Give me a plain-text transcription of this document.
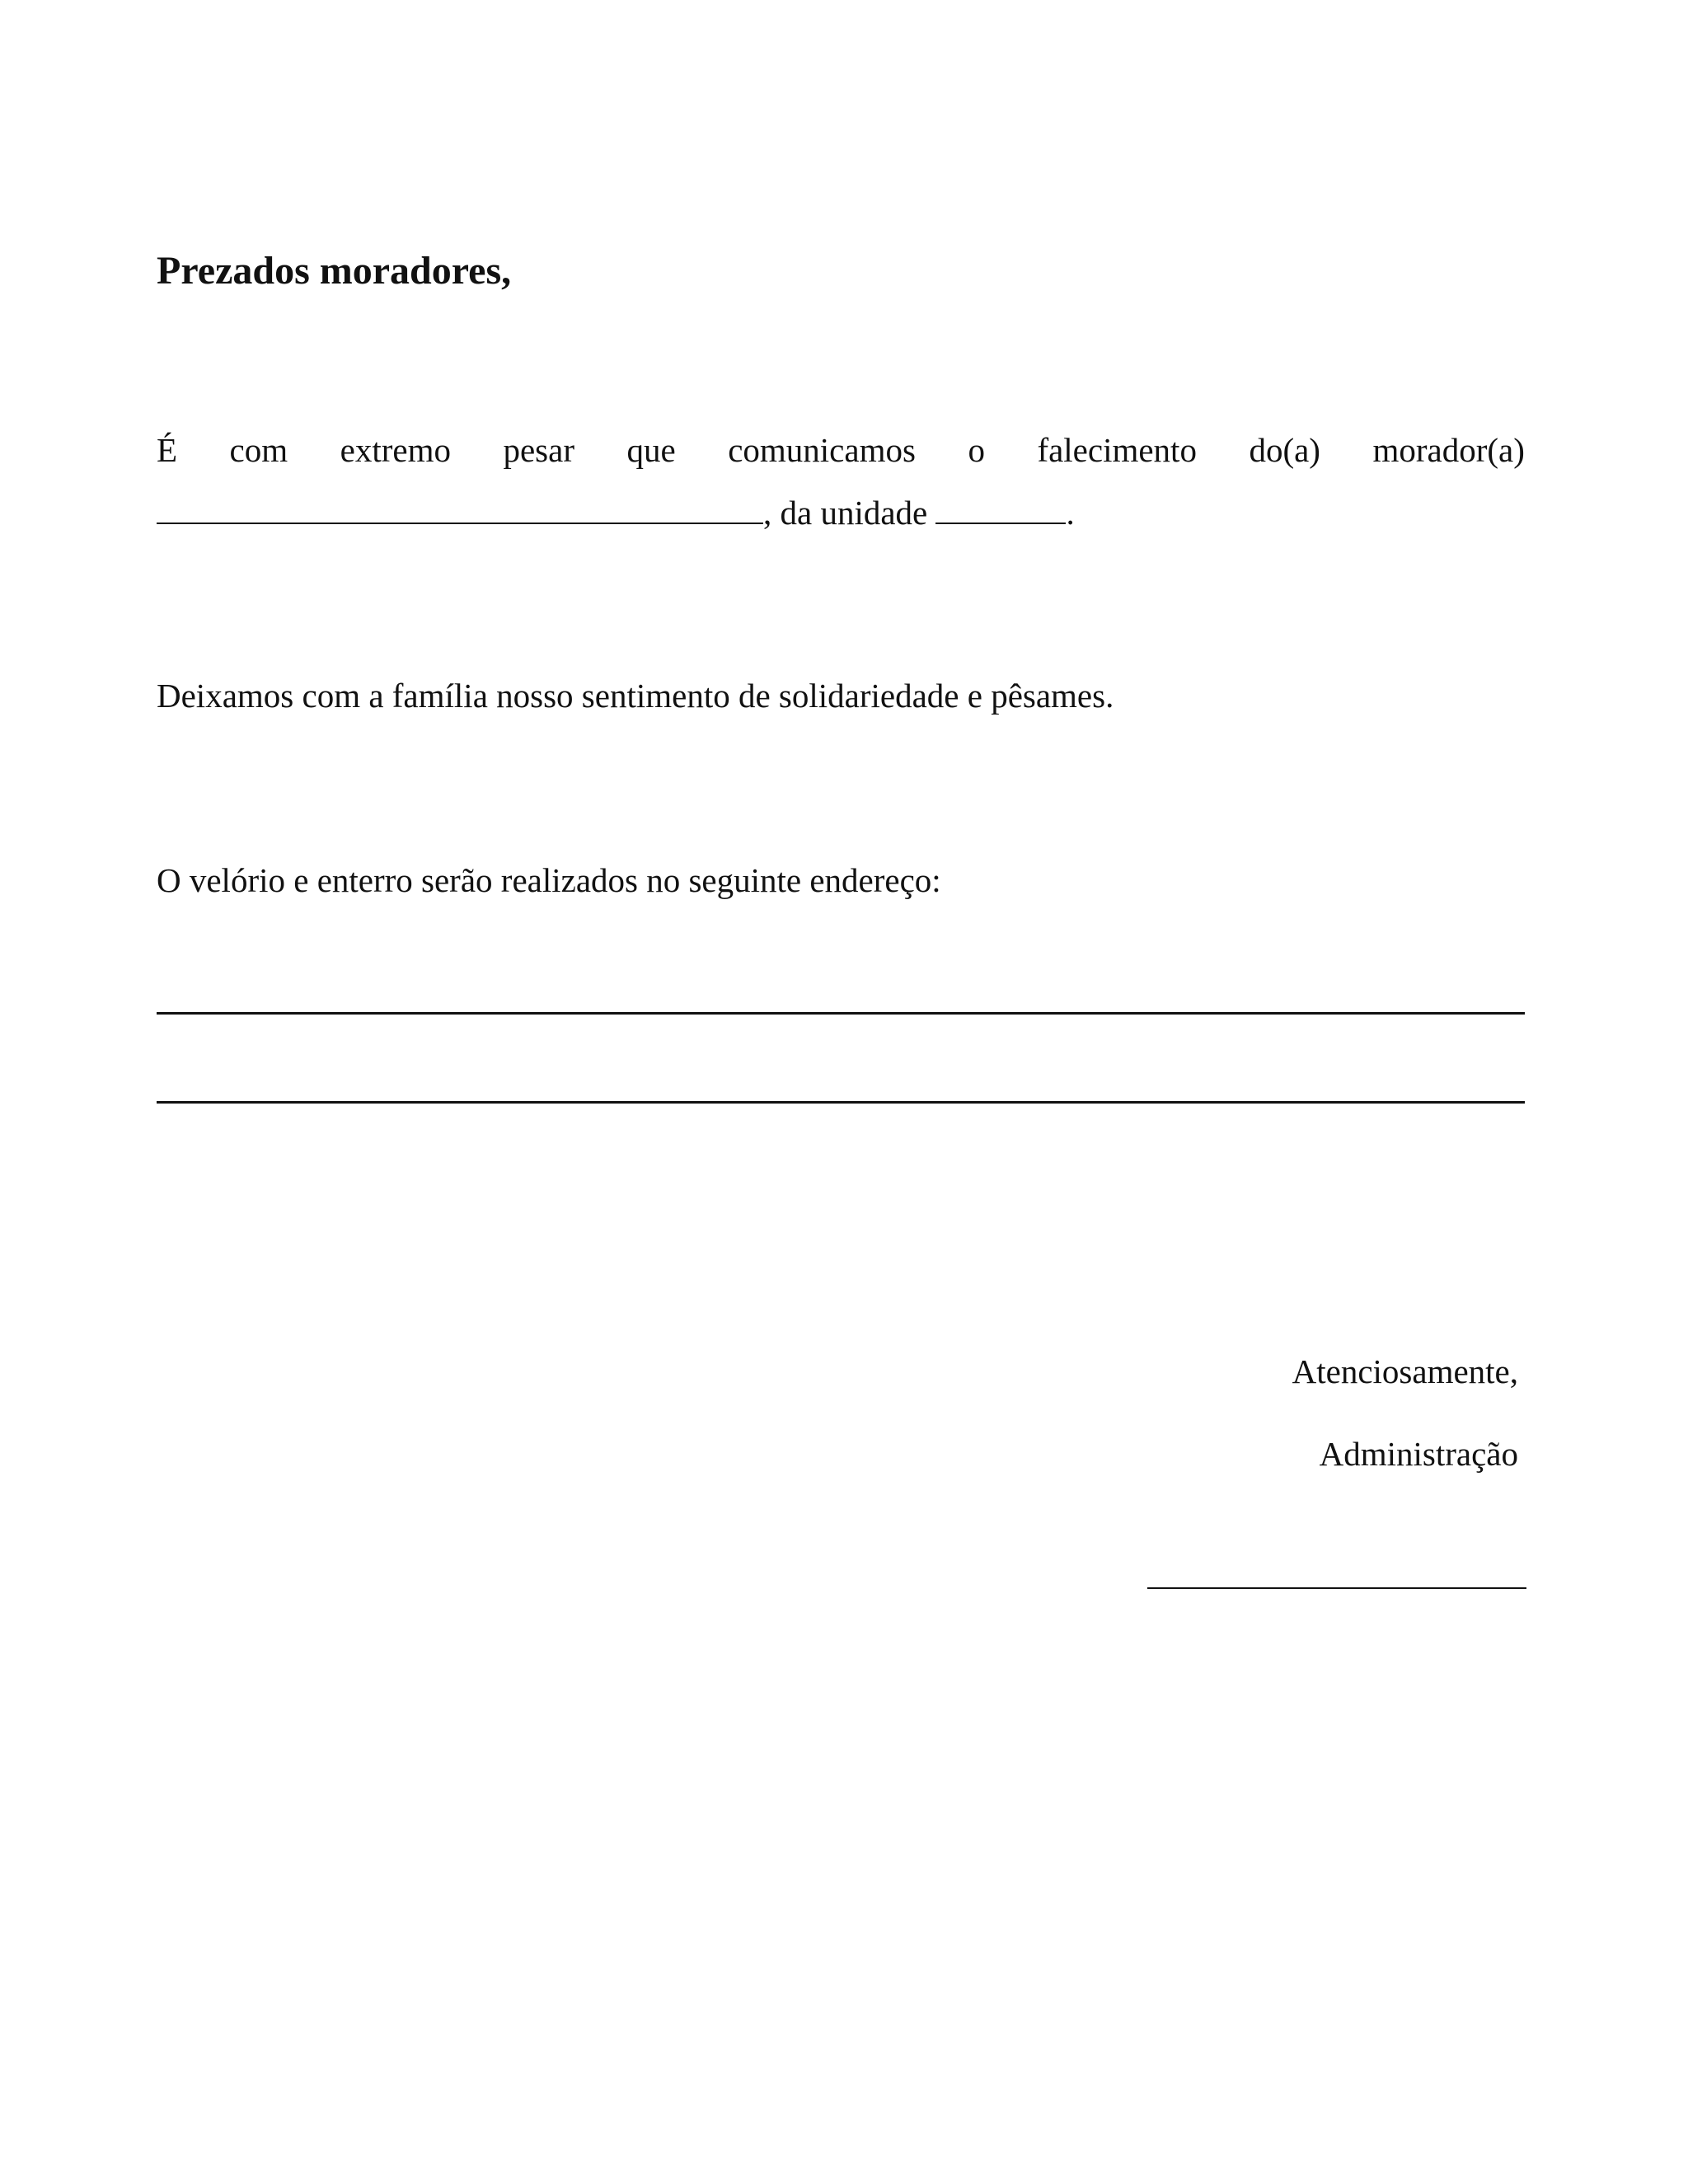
Prezados moradores,
É com extremo pesar que comunicamos o falecimento do(a) morador(a)
, da unidade	.

Deixamos com a família nosso sentimento de solidariedade e pêsames.

O velório e enterro serão realizados no seguinte endereço:

Atenciosamente,
Administração
